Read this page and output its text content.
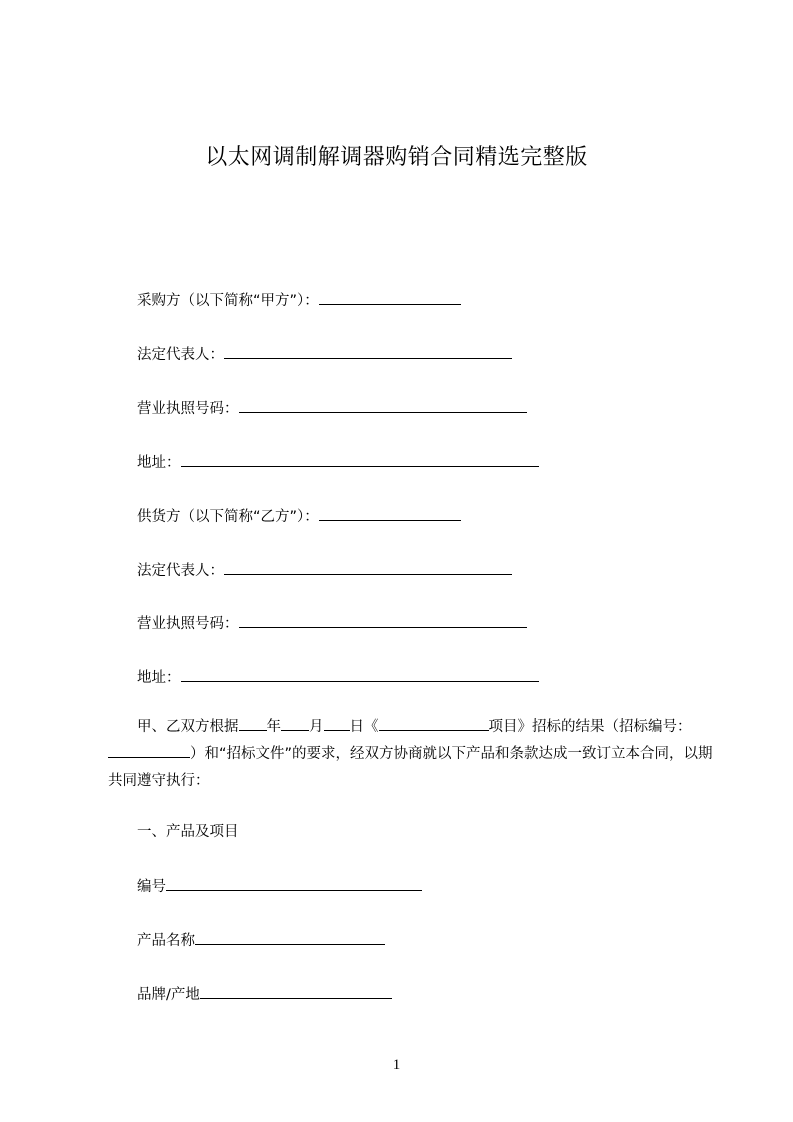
以太网调制解调器购销合同精选完整版
采购方（以下简称“甲方”）：
法定代表人：
营业执照号码：
地址：
供货方（以下简称“乙方”）：
法定代表人：
营业执照号码：
地址：

甲、乙双方根据 年 月 日《	项目》招标的结果（招标编号：）和“招标文件”的要求，经双方协商就以下产品和条款达成一致订立本合同，以期共同遵守执行：

一、产品及项目
编号
产品名称
品牌/产地
1
